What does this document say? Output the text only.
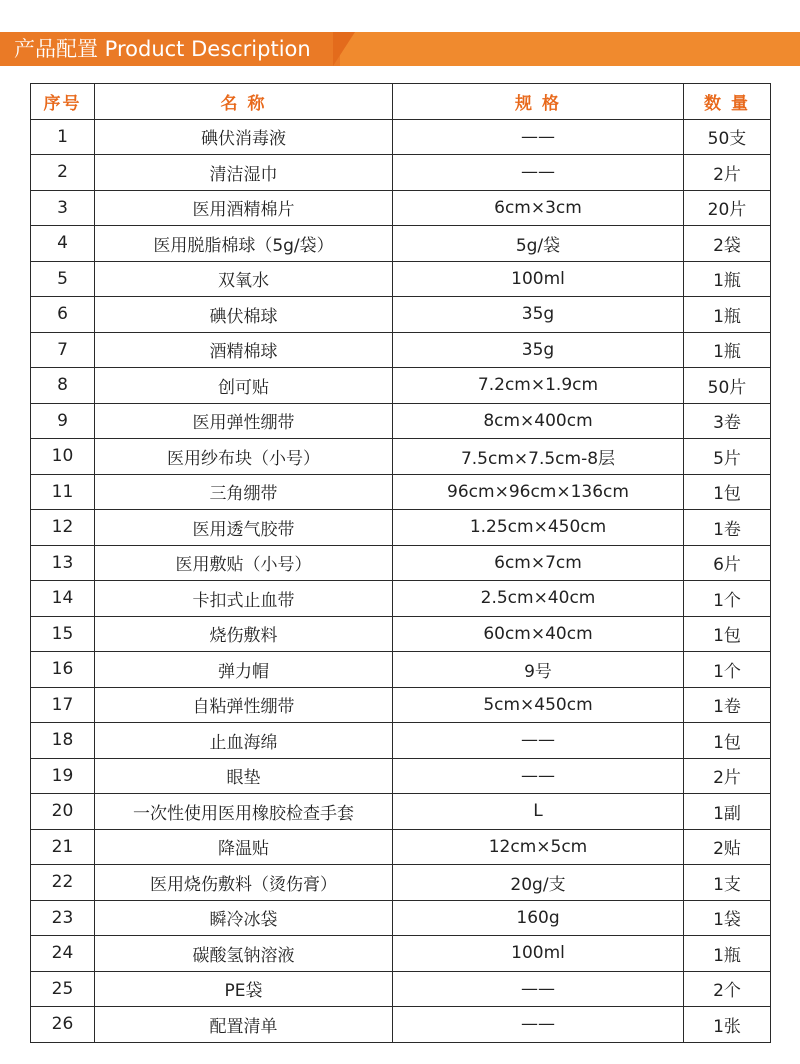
产品配置 Product Description
序号	名 称	规 格	数 量
1	碘伏消毒液	——	50支
2	清洁湿巾	——	2片
3	医用酒精棉片	6cm×3cm	20片
4	医用脱脂棉球（5g/袋）	5g/袋	2袋
5	双氧水	100ml	1瓶
6	碘伏棉球	35g	1瓶
7	酒精棉球	35g	1瓶
8	创可贴	7.2cm×1.9cm	50片
9	医用弹性绷带	8cm×400cm	3卷
10	医用纱布块（小号）	7.5cm×7.5cm-8层	5片
11	三角绷带	96cm×96cm×136cm	1包
12	医用透气胶带	1.25cm×450cm	1卷
13	医用敷贴（小号）	6cm×7cm	6片
14	卡扣式止血带	2.5cm×40cm	1个
15	烧伤敷料	60cm×40cm	1包
16	弹力帽	9号	1个
17	自粘弹性绷带	5cm×450cm	1卷
18	止血海绵	——	1包
19	眼垫	——	2片
20	一次性使用医用橡胶检查手套	L	1副
21	降温贴	12cm×5cm	2贴
22	医用烧伤敷料（烫伤膏）	20g/支	1支
23	瞬冷冰袋	160g	1袋
24	碳酸氢钠溶液	100ml	1瓶
25	PE袋	——	2个
26	配置清单	——	1张
